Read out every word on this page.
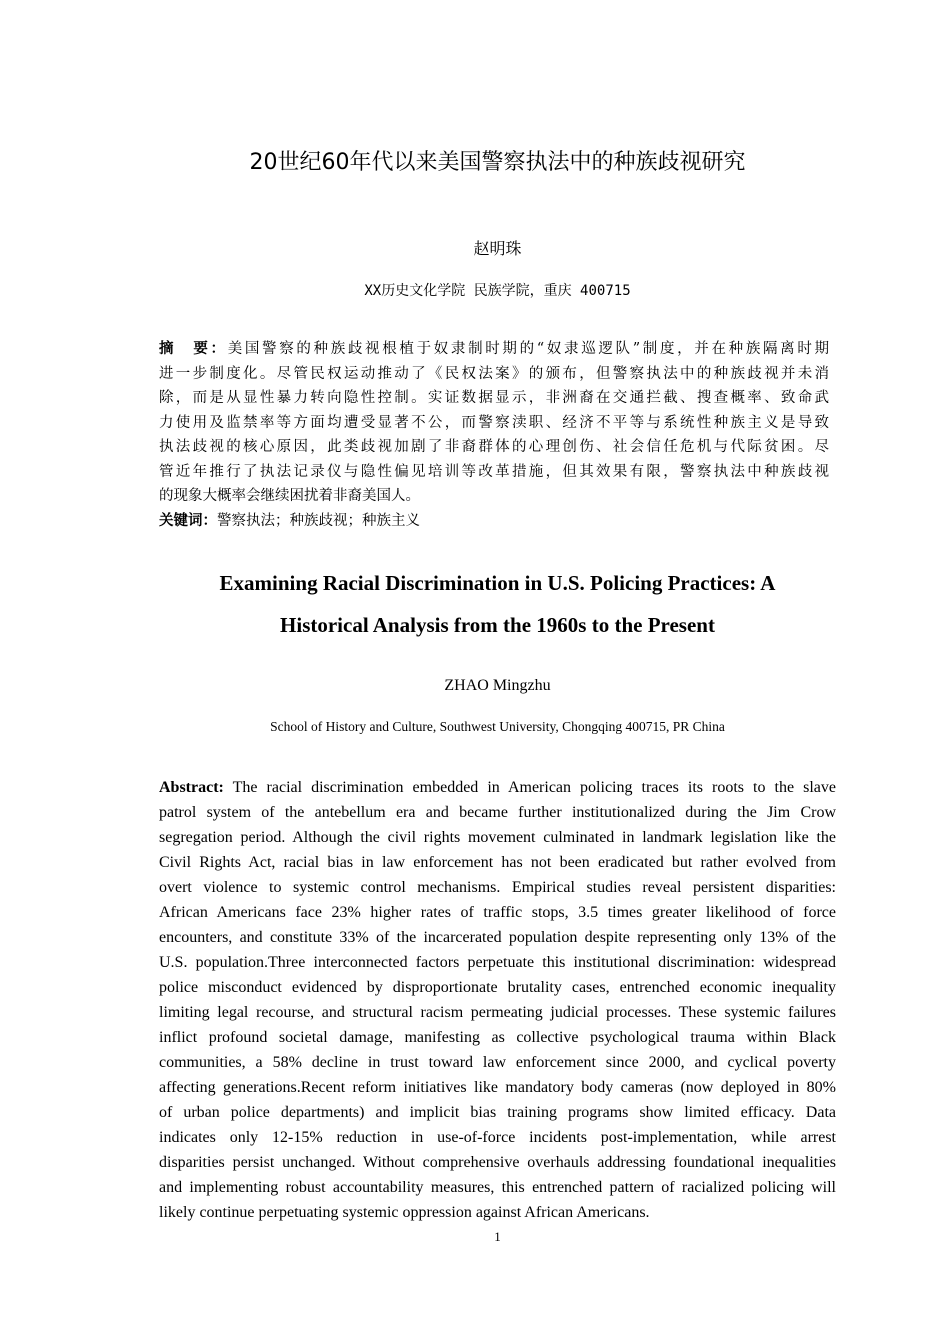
20世纪60年代以来美国警察执法中的种族歧视研究
赵明珠
XX历史文化学院 民族学院，重庆 400715
摘　要：美国警察的种族歧视根植于奴隶制时期的“奴隶巡逻队”制度，并在种族隔离时期
进一步制度化。尽管民权运动推动了《民权法案》的颁布，但警察执法中的种族歧视并未消
除，而是从显性暴力转向隐性控制。实证数据显示，非洲裔在交通拦截、搜查概率、致命武
力使用及监禁率等方面均遭受显著不公，而警察渎职、经济不平等与系统性种族主义是导致
执法歧视的核心原因，此类歧视加剧了非裔群体的心理创伤、社会信任危机与代际贫困。尽
管近年推行了执法记录仪与隐性偏见培训等改革措施，但其效果有限，警察执法中种族歧视
的现象大概率会继续困扰着非裔美国人。
关键词：警察执法；种族歧视；种族主义
Examining Racial Discrimination in U.S. Policing Practices: A
Historical Analysis from the 1960s to the Present
ZHAO Mingzhu
School of History and Culture, Southwest University, Chongqing 400715, PR China
Abstract: The racial discrimination embedded in American policing traces its roots to the slave
patrol system of the antebellum era and became further institutionalized during the Jim Crow
segregation period. Although the civil rights movement culminated in landmark legislation like the
Civil Rights Act, racial bias in law enforcement has not been eradicated but rather evolved from
overt violence to systemic control mechanisms. Empirical studies reveal persistent disparities:
African Americans face 23% higher rates of traffic stops, 3.5 times greater likelihood of force
encounters, and constitute 33% of the incarcerated population despite representing only 13% of the
U.S. population.Three interconnected factors perpetuate this institutional discrimination: widespread
police misconduct evidenced by disproportionate brutality cases, entrenched economic inequality
limiting legal recourse, and structural racism permeating judicial processes. These systemic failures
inflict profound societal damage, manifesting as collective psychological trauma within Black
communities, a 58% decline in trust toward law enforcement since 2000, and cyclical poverty
affecting generations.Recent reform initiatives like mandatory body cameras (now deployed in 80%
of urban police departments) and implicit bias training programs show limited efficacy. Data
indicates only 12-15% reduction in use-of-force incidents post-implementation, while arrest
disparities persist unchanged. Without comprehensive overhauls addressing foundational inequalities
and implementing robust accountability measures, this entrenched pattern of racialized policing will
likely continue perpetuating systemic oppression against African Americans.
1
